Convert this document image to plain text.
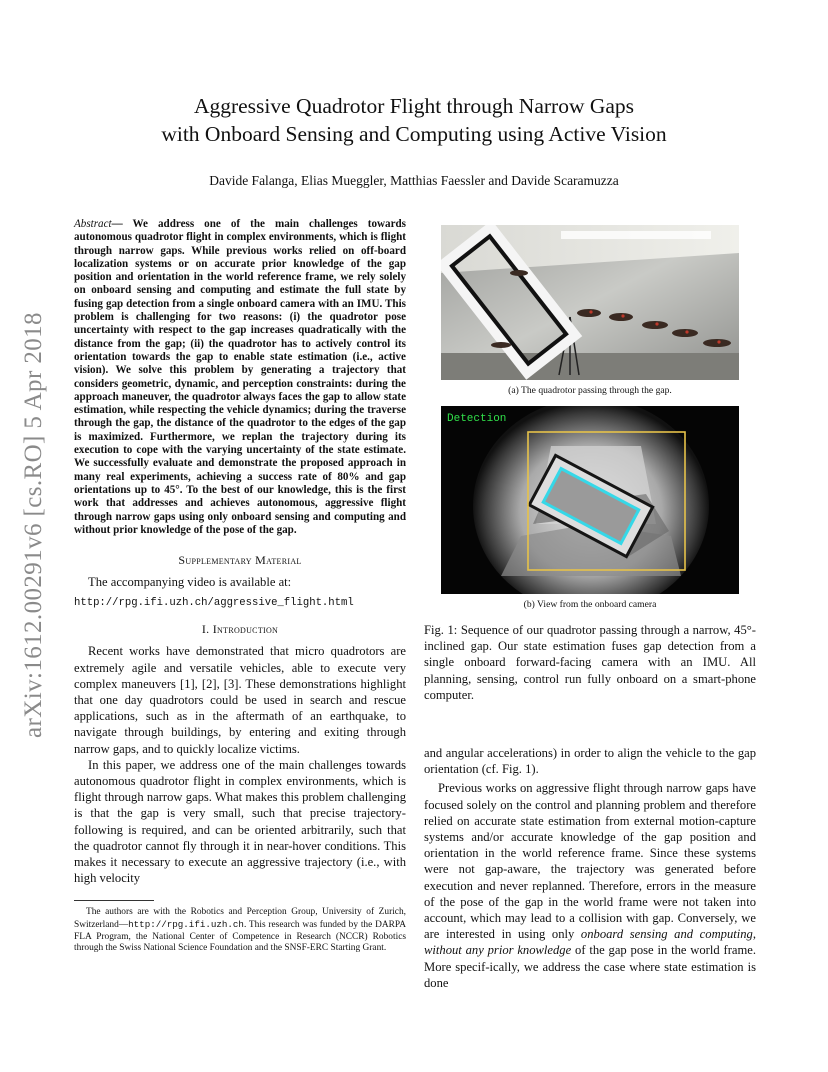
arXiv:1612.00291v6 [cs.RO] 5 Apr 2018
Aggressive Quadrotor Flight through Narrow Gaps
with Onboard Sensing and Computing using Active Vision
Davide Falanga, Elias Mueggler, Matthias Faessler and Davide Scaramuzza

Abstract— We address one of the main challenges towards autonomous quadrotor flight in complex environments, which is flight through narrow gaps. While previous works relied on off-board localization systems or on accurate prior knowledge of the gap position and orientation in the world reference frame, we rely solely on onboard sensing and computing and estimate the full state by fusing gap detection from a single onboard camera with an IMU. This problem is challenging for two reasons: (i) the quadrotor pose uncertainty with respect to the gap increases quadratically with the distance from the gap; (ii) the quadrotor has to actively control its orientation towards the gap to enable state estimation (i.e., active vision). We solve this problem by generating a trajectory that considers geometric, dynamic, and perception constraints: during the approach maneuver, the quadrotor always faces the gap to allow state estimation, while respecting the vehicle dynamics; during the traverse through the gap, the distance of the quadrotor to the edges of the gap is maximized. Furthermore, we replan the trajectory during its execution to cope with the varying uncertainty of the state estimate. We successfully evaluate and demonstrate the proposed approach in many real experiments, achieving a success rate of 80% and gap orientations up to 45°. To the best of our knowledge, this is the first work that addresses and achieves autonomous, aggressive flight through narrow gaps using only onboard sensing and computing and without prior knowledge of the pose of the gap.

Supplementary Material

The accompanying video is available at:

http://rpg.ifi.uzh.ch/aggressive_flight.html

I. Introduction

Recent works have demonstrated that micro quadrotors are extremely agile and versatile vehicles, able to execute very complex maneuvers [1], [2], [3]. These demonstrations highlight that one day quadrotors could be used in search and rescue applications, such as in the aftermath of an earthquake, to navigate through buildings, by entering and exiting through narrow gaps, and to quickly localize victims.

In this paper, we address one of the main challenges towards autonomous quadrotor flight in complex environments, which is flight through narrow gaps. What makes this problem challenging is that the gap is very small, such that precise trajectory-following is required, and can be oriented arbitrarily, such that the quadrotor cannot fly through it in near-hover conditions. This makes it necessary to execute an aggressive trajectory (i.e., with high velocity

The authors are with the Robotics and Perception Group, University of Zurich, Switzerland—http://rpg.ifi.uzh.ch. This research was funded by the DARPA FLA Program, the National Center of Competence in Research (NCCR) Robotics through the Swiss National Science Foundation and the SNSF-ERC Starting Grant.

(a) The quadrotor passing through the gap.
Detection
(b) View from the onboard camera

Fig. 1: Sequence of our quadrotor passing through a narrow, 45°-inclined gap. Our state estimation fuses gap detection from a single onboard forward-facing camera with an IMU. All planning, sensing, control run fully onboard on a smart-phone computer.

and angular accelerations) in order to align the vehicle to the gap orientation (cf. Fig. 1).

Previous works on aggressive flight through narrow gaps have focused solely on the control and planning problem and therefore relied on accurate state estimation from external motion-capture systems and/or accurate knowledge of the gap position and orientation in the world reference frame. Since these systems were not gap-aware, the trajectory was generated before execution and never replanned. Therefore, errors in the measure of the pose of the gap in the world frame were not taken into account, which may lead to a collision with gap. Conversely, we are interested in using only onboard sensing and computing, without any prior knowledge of the gap pose in the world frame. More specif-ically, we address the case where state estimation is done
